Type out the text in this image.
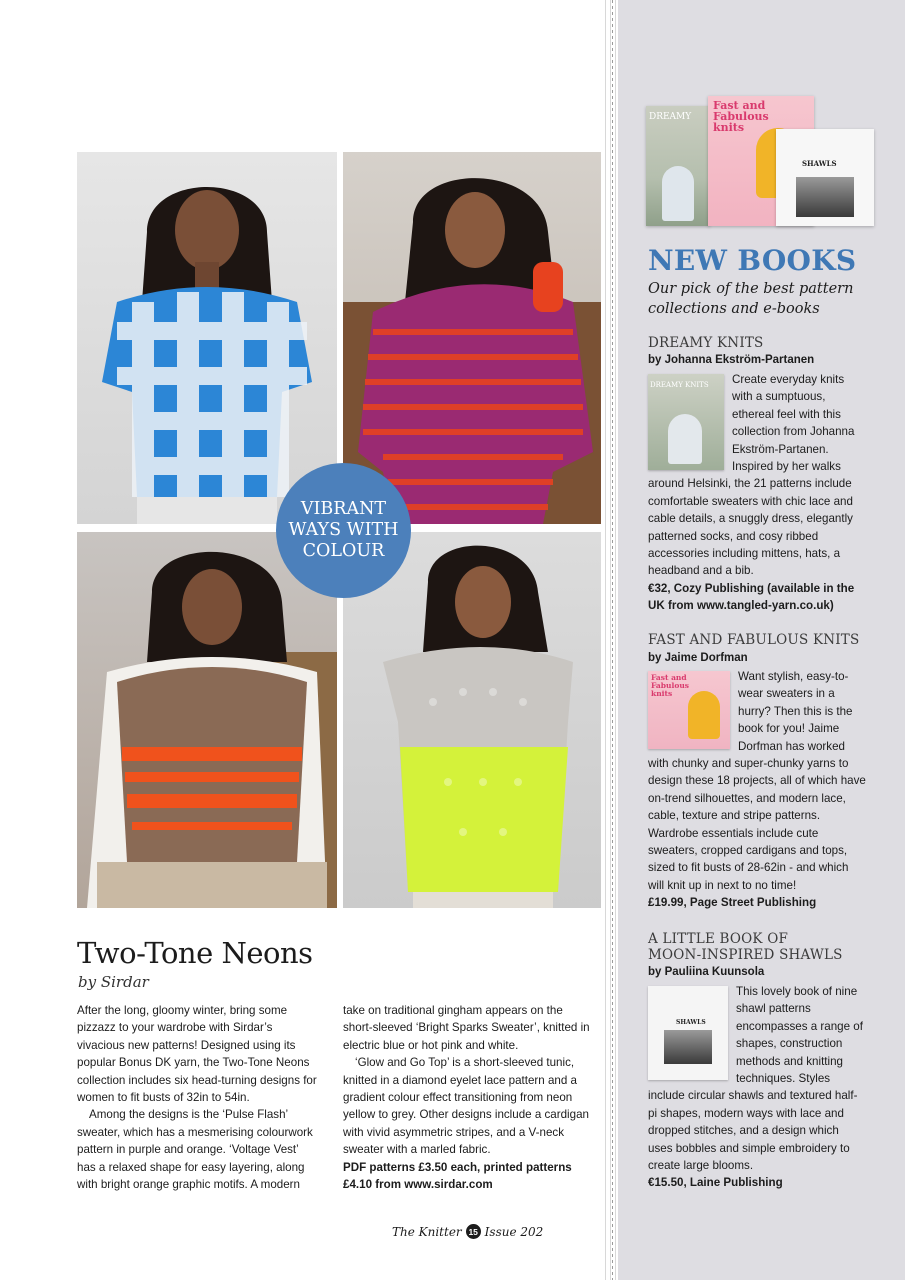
VIBRANT
WAYS WITH
COLOUR
Two-Tone Neons
by Sirdar

After the long, gloomy winter, bring some pizzazz to your wardrobe with Sirdar’s vivacious new patterns! Designed using its popular Bonus DK yarn, the Two-Tone Neons collection includes six head-turning designs for women to fit busts of 32in to 54in.

Among the designs is the ‘Pulse Flash’ sweater, which has a mesmerising colourwork pattern in purple and orange. ‘Voltage Vest’ has a relaxed shape for easy layering, along with bright orange graphic motifs. A modern

take on traditional gingham appears on the short-sleeved ‘Bright Sparks Sweater’, knitted in electric blue or hot pink and white.

‘Glow and Go Top’ is a short-sleeved tunic, knitted in a diamond eyelet lace pattern and a gradient colour effect transitioning from neon yellow to grey. Other designs include a cardigan with vivid asymmetric stripes, and a V-neck sweater with a marled fabric.

PDF patterns £3.50 each, printed patterns £4.10 from www.sirdar.com
The Knitter 15 Issue 202
DREAMY
Fast and
Fabulous
knits
SHAWLS
NEW BOOKS
Our pick of the best pattern
collections and e-books
DREAMY KNITS
by Johanna Ekström-Partanen
DREAMY KNITS Create everyday knits with a sumptuous, ethereal feel with this collection from Johanna Ekström-Partanen. Inspired by her walks around Helsinki, the 21 patterns include comfortable sweaters with chic lace and cable details, a snuggly dress, elegantly patterned socks, and cosy ribbed accessories including mittens, hats, a headband and a bib.
€32, Cozy Publishing (available in the UK from www.tangled-yarn.co.uk)
FAST AND FABULOUS KNITS
by Jaime Dorfman
Fast and
Fabulous
knits
Want stylish, easy-to-wear sweaters in a hurry? Then this is the book for you! Jaime Dorfman has worked with chunky and super-chunky yarns to design these 18 projects, all of which have on-trend silhouettes, and modern lace, cable, texture and stripe patterns. Wardrobe essentials include cute sweaters, cropped cardigans and tops, sized to fit busts of 28-62in - and which will knit up in next to no time!
£19.99, Page Street Publishing
A LITTLE BOOK OF
MOON-INSPIRED SHAWLS
by Pauliina Kuunsola
SHAWLS
This lovely book of nine shawl patterns encompasses a range of shapes, construction methods and knitting techniques. Styles include circular shawls and textured half-pi shapes, modern ways with lace and dropped stitches, and a design which uses bobbles and simple embroidery to create large blooms.
€15.50, Laine Publishing
